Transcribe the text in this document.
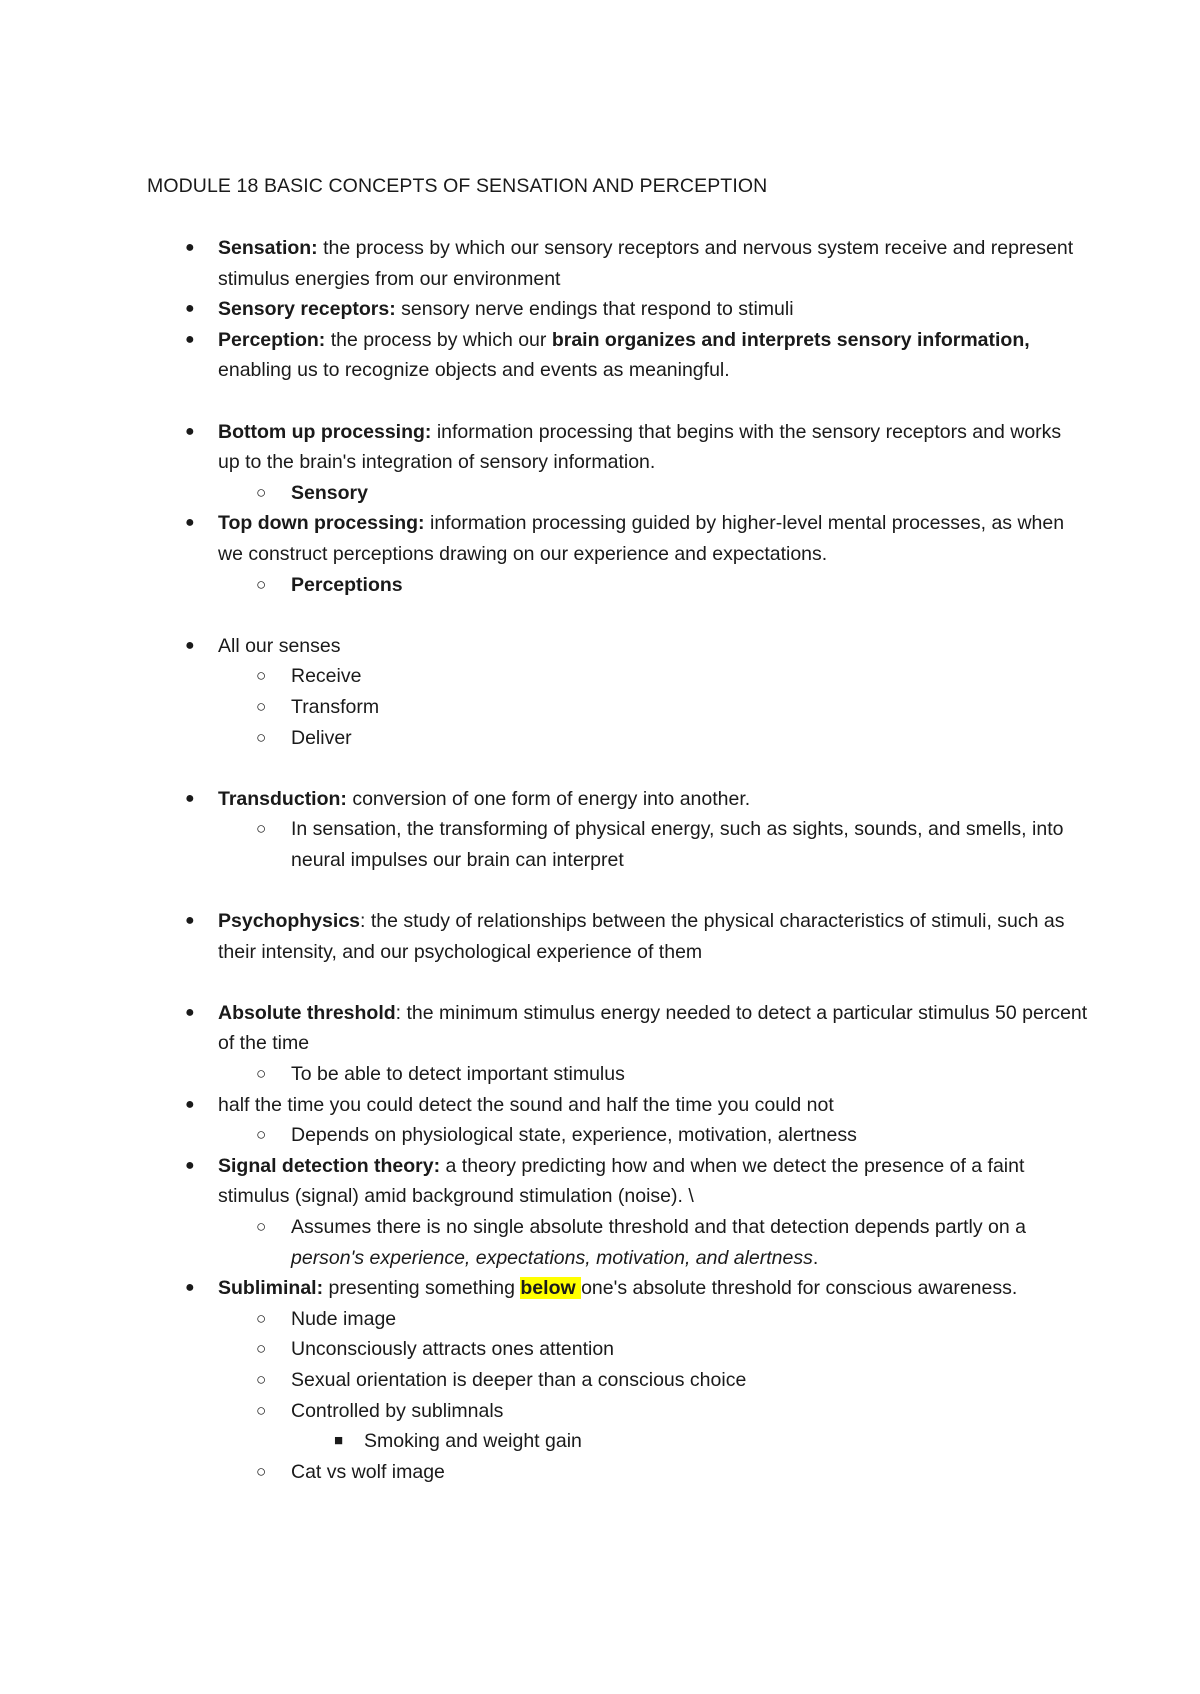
MODULE 18 BASIC CONCEPTS OF SENSATION AND PERCEPTION
● Sensation: the process by which our sensory receptors and nervous system receive and represent stimulus energies from our environment
● Sensory receptors: sensory nerve endings that respond to stimuli
● Perception: the process by which our brain organizes and interprets sensory information, enabling us to recognize objects and events as meaningful.
● Bottom up processing: information processing that begins with the sensory receptors and works up to the brain's integration of sensory information.
○ Sensory
● Top down processing: information processing guided by higher-level mental processes, as when we construct perceptions drawing on our experience and expectations.
○ Perceptions
● All our senses
○ Receive
○ Transform
○ Deliver
● Transduction: conversion of one form of energy into another.
○ In sensation, the transforming of physical energy, such as sights, sounds, and smells, into neural impulses our brain can interpret
● Psychophysics: the study of relationships between the physical characteristics of stimuli, such as their intensity, and our psychological experience of them
● Absolute threshold: the minimum stimulus energy needed to detect a particular stimulus 50 percent of the time
○ To be able to detect important stimulus
● half the time you could detect the sound and half the time you could not
○ Depends on physiological state, experience, motivation, alertness
● Signal detection theory: a theory predicting how and when we detect the presence of a faint stimulus (signal) amid background stimulation (noise). \
○ Assumes there is no single absolute threshold and that detection depends partly on a person's experience, expectations, motivation, and alertness.
● Subliminal: presenting something below one's absolute threshold for conscious awareness.
○ Nude image
○ Unconsciously attracts ones attention
○ Sexual orientation is deeper than a conscious choice
○ Controlled by sublimnals
■ Smoking and weight gain
○ Cat vs wolf image
